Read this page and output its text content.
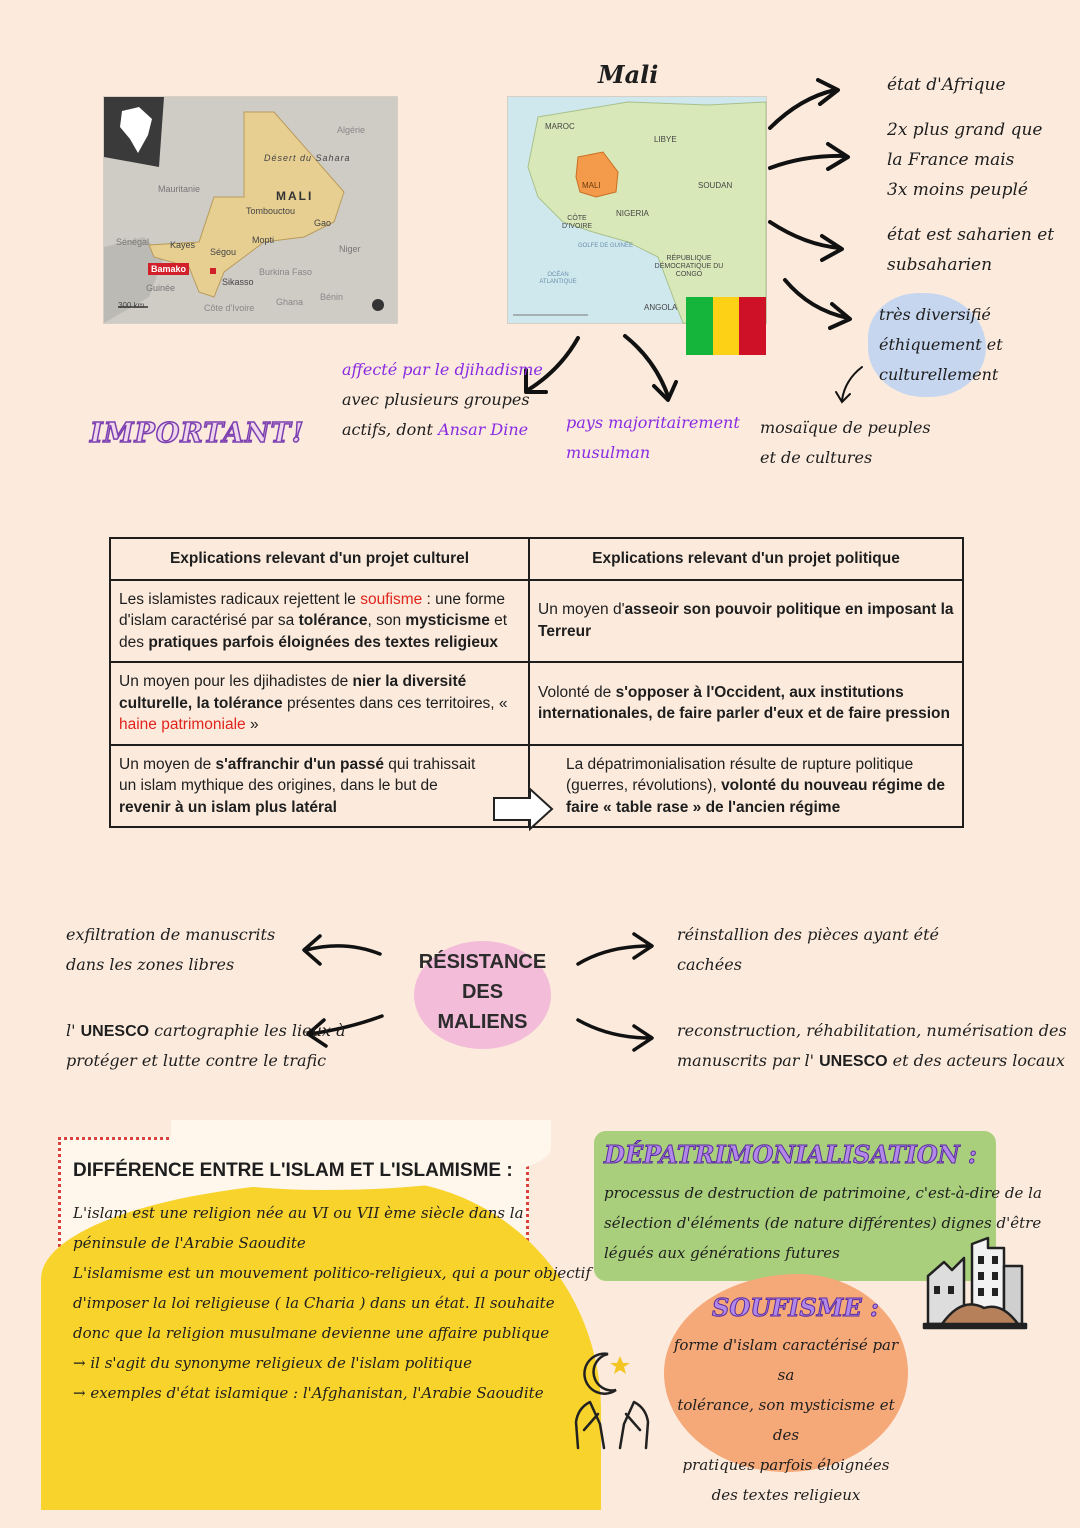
Algérie
Désert du Sahara
Mauritanie	MALI
Tombouctou
Gao
Sénégal Kayes
Ségou
Mopti
Niger
Bamako	Burkina Faso
Guinée
Sikasso
Bénin
Ghana
Côte d'Ivoire
300 km
Mali
MAROC
LIBYE
MALI	SOUDAN
NIGERIA
CÔTE D'IVOIRE
GOLFE DE GUINÉE
OCÉAN ATLANTIQUE
RÉPUBLIQUE DÉMOCRATIQUE DU CONGO
ANGOLA
état d'Afrique
2x plus grand que
la France mais
3x moins peuplé
état est saharien et
subsaharien
très diversifié
éthiquement et
culturellement
mosaïque de peuples
et de cultures
affecté par le djihadisme
avec plusieurs groupes
actifs, dont Ansar Dine pays majoritairement
musulman
IMPORTANT!
Explications relevant d'un projet culturel	Explications relevant d'un projet politique
Les islamistes radicaux rejettent le soufisme : une forme d'islam caractérisé par sa tolérance, son mysticisme et des pratiques parfois éloignées des textes religieux	Un moyen d'asseoir son pouvoir politique en imposant la Terreur
Un moyen pour les djihadistes de nier la diversité culturelle, la tolérance présentes dans ces territoires, « haine patrimoniale »	Volonté de s'opposer à l'Occident, aux institutions internationales, de faire parler d'eux et de faire pression
Un moyen de s'affranchir d'un passé qui trahissait un islam mythique des origines, dans le but de revenir à un islam plus latéral	La dépatrimonialisation résulte de rupture politique (guerres, révolutions), volonté du nouveau régime de faire « table rase » de l'ancien régime
RÉSISTANCE
DES
MALIENS
exfiltration de manuscrits
dans les zones libres
l' UNESCO cartographie les lieux à
protéger et lutte contre le trafic
réinstallion des pièces ayant été
cachées
reconstruction, réhabilitation, numérisation des
manuscrits par l' UNESCO et des acteurs locaux
DIFFÉRENCE ENTRE L'ISLAM ET L'ISLAMISME :
L'islam est une religion née au VI ou VII ème siècle dans la
péninsule de l'Arabie Saoudite
L'islamisme est un mouvement politico-religieux, qui a pour objectif
d'imposer la loi religieuse ( la Charia ) dans un état. Il souhaite
donc que la religion musulmane devienne une affaire publique
→ il s'agit du synonyme religieux de l'islam politique
→ exemples d'état islamique : l'Afghanistan, l'Arabie Saoudite
DÉPATRIMONIALISATION :
processus de destruction de patrimoine, c'est-à-dire de la
sélection d'éléments (de nature différentes) dignes d'être
légués aux générations futures
SOUFISME :
forme d'islam caractérisé par sa
tolérance, son mysticisme et des
pratiques parfois éloignées
des textes religieux
